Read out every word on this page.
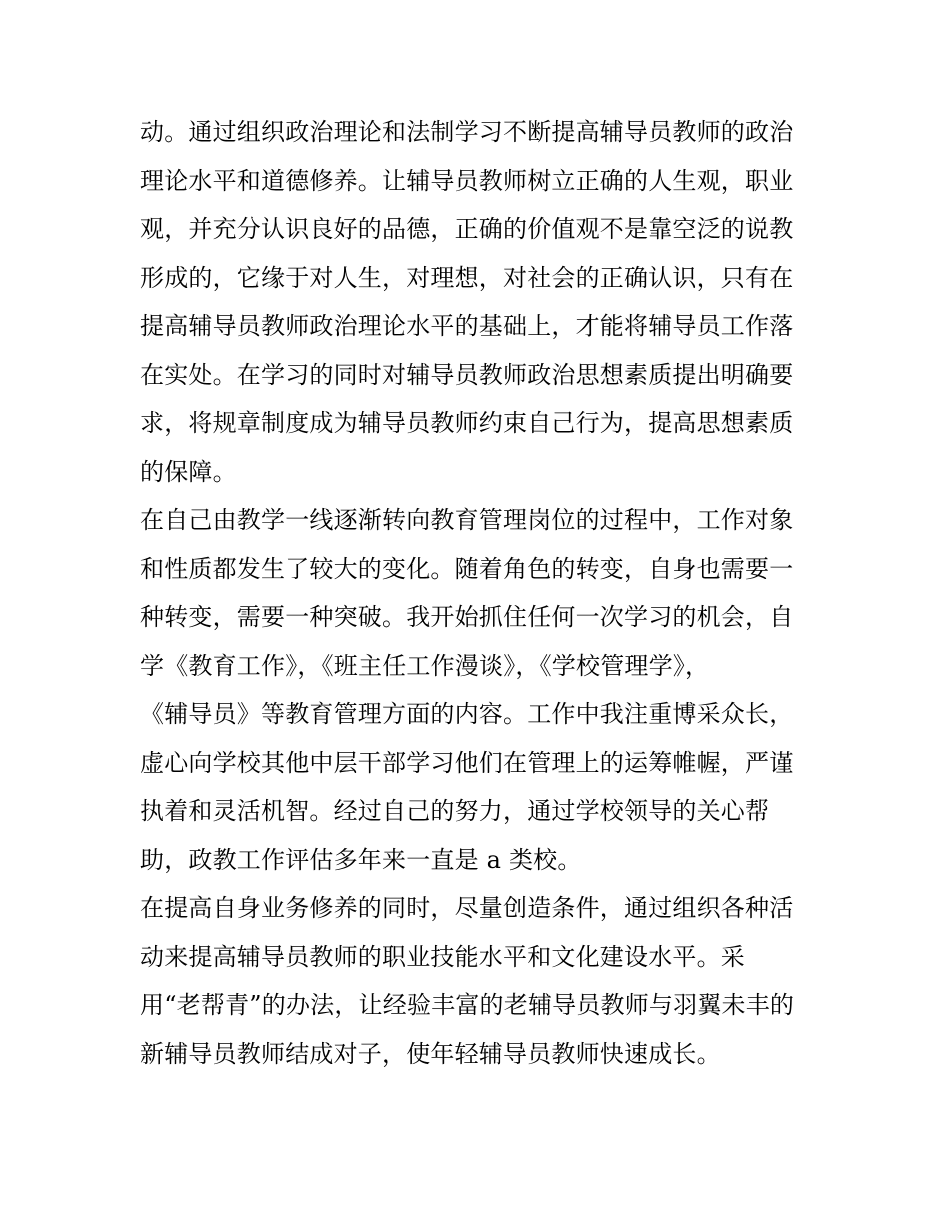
动。通过组织政治理论和法制学习不断提高辅导员教师的政治
理论水平和道德修养。让辅导员教师树立正确的人生观，职业
观，并充分认识良好的品德，正确的价值观不是靠空泛的说教
形成的，它缘于对人生，对理想，对社会的正确认识，只有在
提高辅导员教师政治理论水平的基础上，才能将辅导员工作落
在实处。在学习的同时对辅导员教师政治思想素质提出明确要
求，将规章制度成为辅导员教师约束自己行为，提高思想素质
的保障。
在自己由教学一线逐渐转向教育管理岗位的过程中，工作对象
和性质都发生了较大的变化。随着角色的转变，自身也需要一
种转变，需要一种突破。我开始抓住任何一次学习的机会，自
学《教育工作》，《班主任工作漫谈》，《学校管理学》，
《辅导员》等教育管理方面的内容。工作中我注重博采众长，
虚心向学校其他中层干部学习他们在管理上的运筹帷幄，严谨
执着和灵活机智。经过自己的努力，通过学校领导的关心帮
助，政教工作评估多年来一直是 a 类校。
在提高自身业务修养的同时，尽量创造条件，通过组织各种活
动来提高辅导员教师的职业技能水平和文化建设水平。采
用“老帮青”的办法，让经验丰富的老辅导员教师与羽翼未丰的
新辅导员教师结成对子，使年轻辅导员教师快速成长。
